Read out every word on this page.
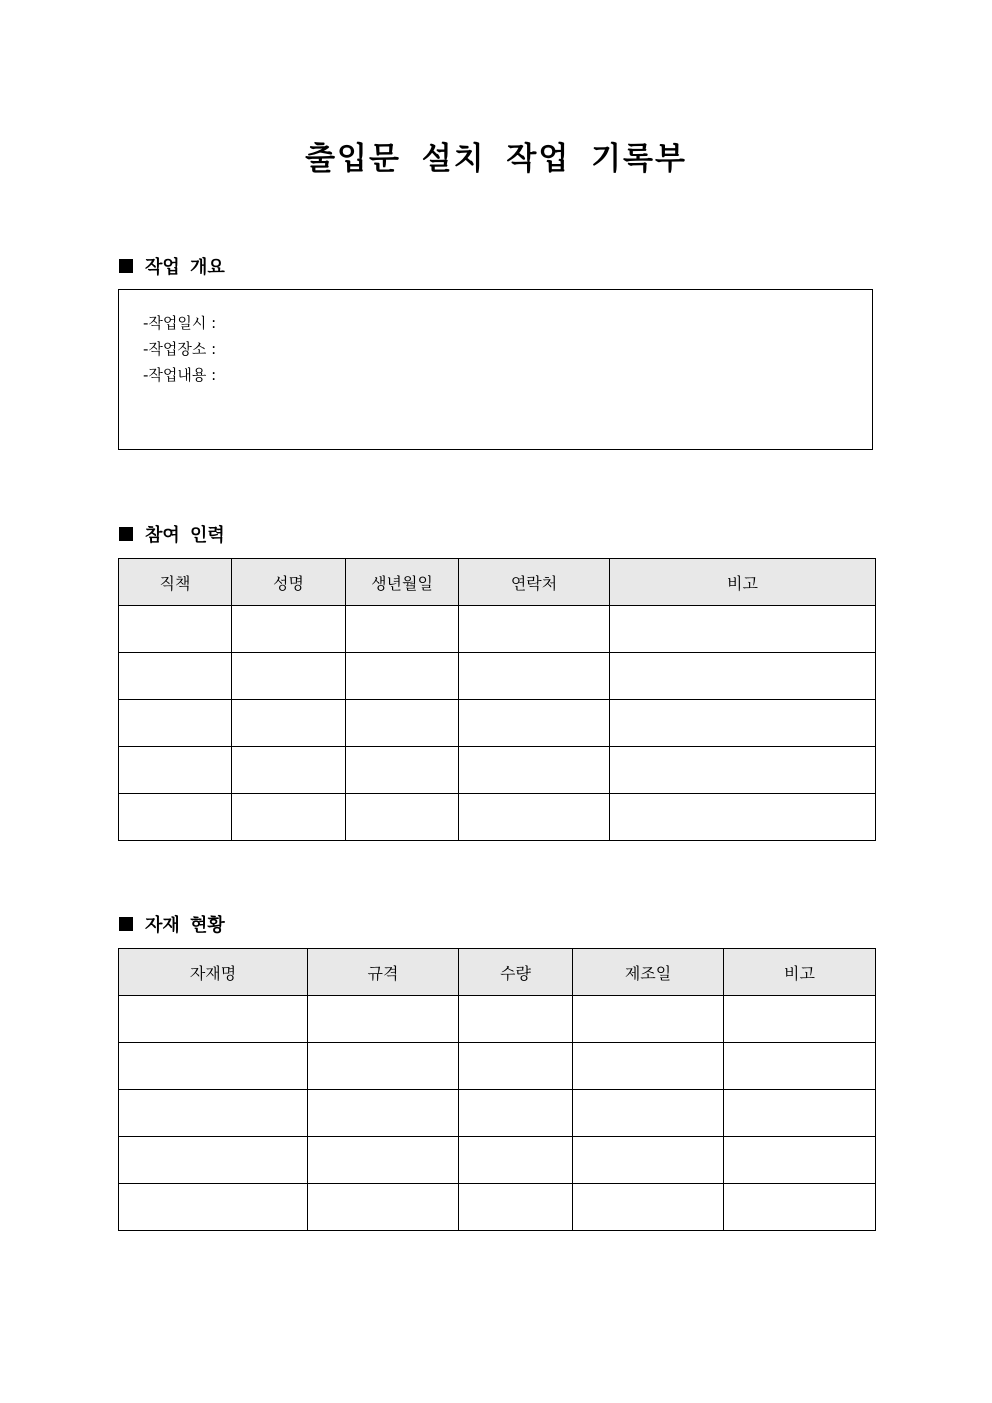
출입문 설치 작업 기록부
작업 개요
-작업일시 :
-작업장소 :
-작업내용 :
참여 인력
직책	성명	생년월일	연락처	비고

자재 현황
자재명	규격	수량	제조일	비고
